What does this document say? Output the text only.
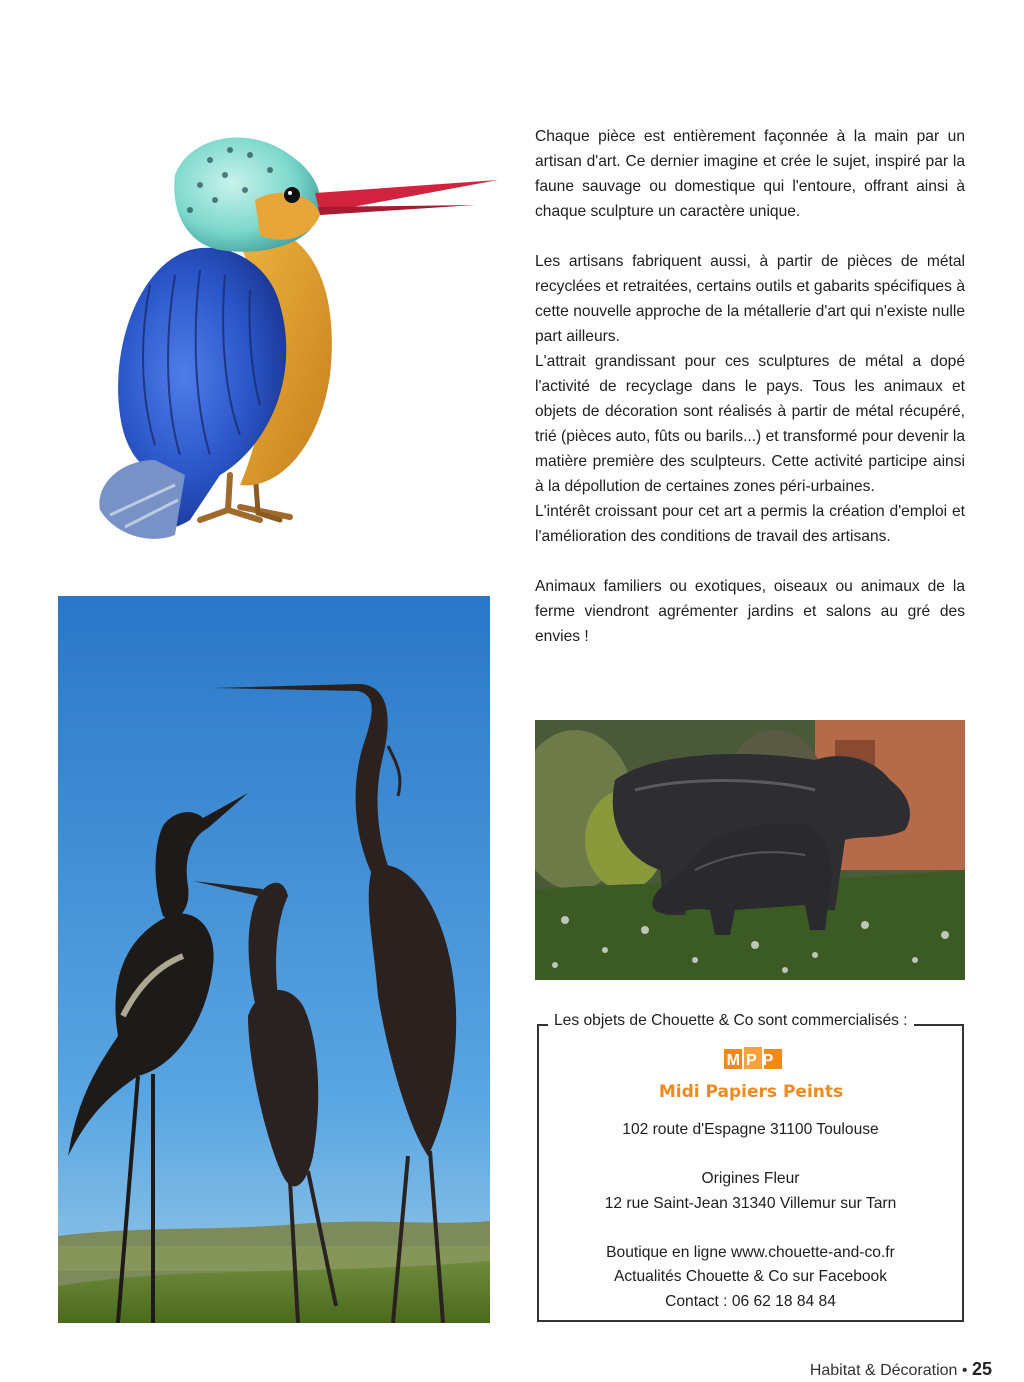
Chaque pièce est entièrement façonnée à la main par un artisan d'art. Ce dernier imagine et crée le sujet, inspiré par la faune sauvage ou domestique qui l'entoure, offrant ainsi à chaque sculpture un caractère unique.

Les artisans fabriquent aussi, à partir de pièces de métal recyclées et retraitées, certains outils et gabarits spécifiques à cette nouvelle approche de la métallerie d'art qui n'existe nulle part ailleurs.

L'attrait grandissant pour ces sculptures de métal a dopé l'activité de recyclage dans le pays. Tous les animaux et objets de décoration sont réalisés à partir de métal récupéré, trié (pièces auto, fûts ou barils...) et transformé pour devenir la matière première des sculpteurs. Cette activité participe ainsi à la dépollution de certaines zones péri-urbaines.

L'intérêt croissant pour cet art a permis la création d'emploi et l'amélioration des conditions de travail des artisans.

Animaux familiers ou exotiques, oiseaux ou animaux de la ferme viendront agrémenter jardins et salons au gré des envies !

Les objets de Chouette & Co sont commercialisés :
MPP
Midi Papiers Peints
102 route d'Espagne 31100 Toulouse
Origines Fleur
12 rue Saint-Jean 31340 Villemur sur Tarn
Boutique en ligne www.chouette-and-co.fr
Actualités Chouette & Co sur Facebook
Contact : 06 62 18 84 84
Habitat & Décoration • 25
